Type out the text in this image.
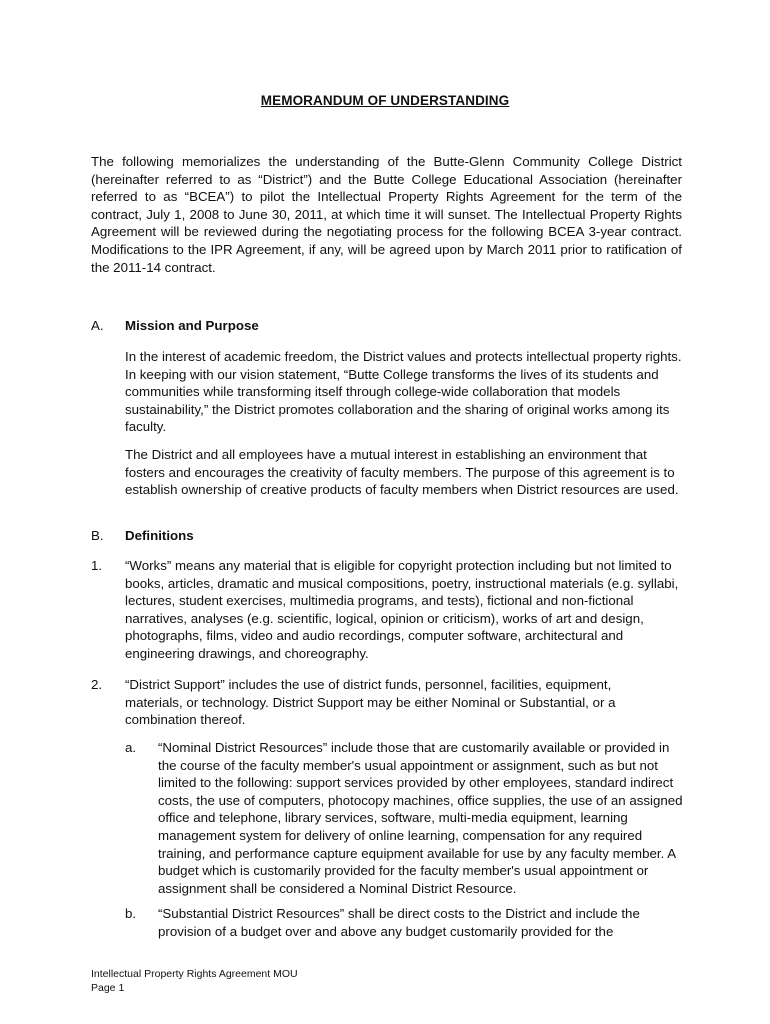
MEMORANDUM OF UNDERSTANDING

The following memorializes the understanding of the Butte-Glenn Community College District (hereinafter referred to as “District”) and the Butte College Educational Association (hereinafter referred to as “BCEA”) to pilot the Intellectual Property Rights Agreement for the term of the contract, July 1, 2008 to June 30, 2011, at which time it will sunset. The Intellectual Property Rights Agreement will be reviewed during the negotiating process for the following BCEA 3-year contract. Modifications to the IPR Agreement, if any, will be agreed upon by March 2011 prior to ratification of the 2011-14 contract.

A. Mission and Purpose

In the interest of academic freedom, the District values and protects intellectual property rights. In keeping with our vision statement, “Butte College transforms the lives of its students and communities while transforming itself through college-wide collaboration that models sustainability,” the District promotes collaboration and the sharing of original works among its faculty.

The District and all employees have a mutual interest in establishing an environment that fosters and encourages the creativity of faculty members. The purpose of this agreement is to establish ownership of creative products of faculty members when District resources are used.

B. Definitions
1. “Works” means any material that is eligible for copyright protection including but not limited to books, articles, dramatic and musical compositions, poetry, instructional materials (e.g. syllabi, lectures, student exercises, multimedia programs, and tests), fictional and non-fictional narratives, analyses (e.g. scientific, logical, opinion or criticism), works of art and design, photographs, films, video and audio recordings, computer software, architectural and engineering drawings, and choreography.

2. “District Support” includes the use of district funds, personnel, facilities, equipment, materials, or technology. District Support may be either Nominal or Substantial, or a combination thereof.

a. “Nominal District Resources” include those that are customarily available or provided in the course of the faculty member's usual appointment or assignment, such as but not limited to the following: support services provided by other employees, standard indirect costs, the use of computers, photocopy machines, office supplies, the use of an assigned office and telephone, library services, software, multi-media equipment, learning management system for delivery of online learning, compensation for any required training, and performance capture equipment available for use by any faculty member. A budget which is customarily provided for the faculty member's usual appointment or assignment shall be considered a Nominal District Resource.

b. “Substantial District Resources” shall be direct costs to the District and include the provision of a budget over and above any budget customarily provided for the

Intellectual Property Rights Agreement MOU
Page 1
